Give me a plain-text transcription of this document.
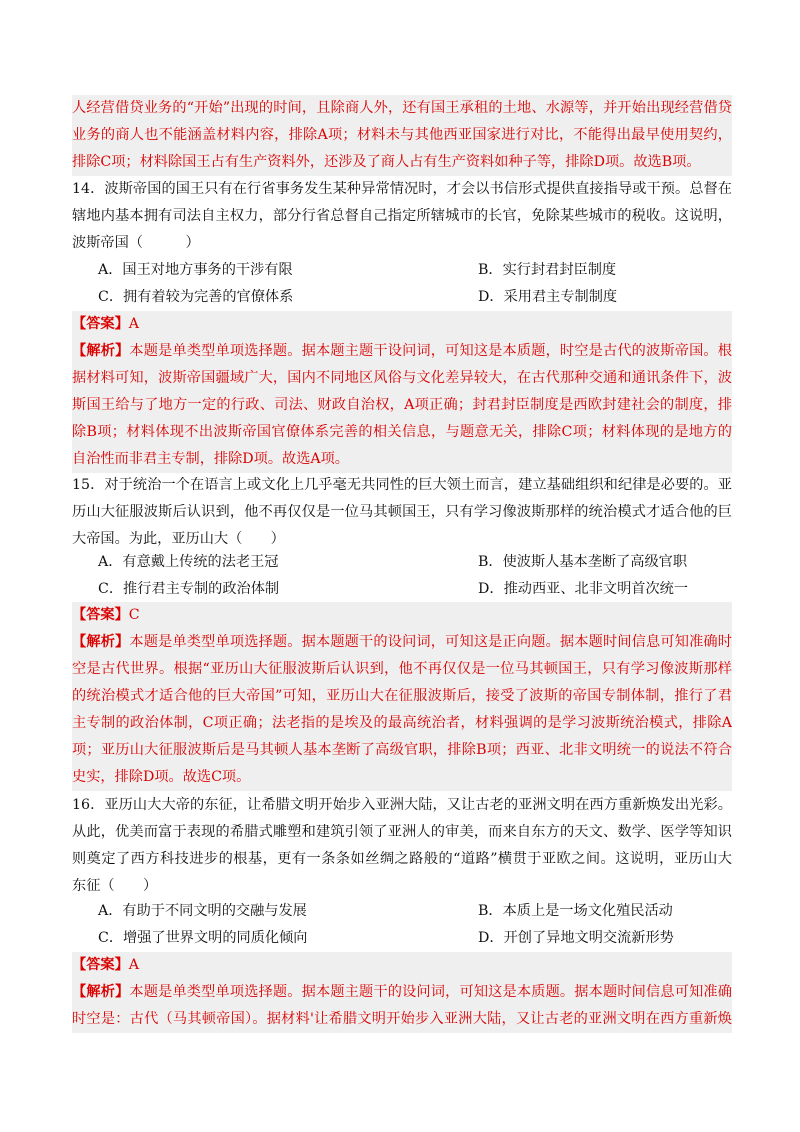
人经营借贷业务的“开始”出现的时间，且除商人外，还有国王承租的土地、水源等，并开始出现经营借贷
业务的商人也不能涵盖材料内容，排除A项；材料未与其他西亚国家进行对比，不能得出最早使用契约，
排除C项；材料除国王占有生产资料外，还涉及了商人占有生产资料如种子等，排除D项。故选B项。
14．波斯帝国的国王只有在行省事务发生某种异常情况时，才会以书信形式提供直接指导或干预。总督在
辖地内基本拥有司法自主权力，部分行省总督自己指定所辖城市的长官，免除某些城市的税收。这说明，
波斯帝国（　　　）
A．国王对地方事务的干涉有限	B．实行封君封臣制度
C．拥有着较为完善的官僚体系	D．采用君主专制制度
【答案】A
【解析】本题是单类型单项选择题。据本题主题干设问词，可知这是本质题，时空是古代的波斯帝国。根
据材料可知，波斯帝国疆域广大，国内不同地区风俗与文化差异较大，在古代那种交通和通讯条件下，波
斯国王给与了地方一定的行政、司法、财政自治权，A项正确；封君封臣制度是西欧封建社会的制度，排
除B项；材料体现不出波斯帝国官僚体系完善的相关信息，与题意无关，排除C项；材料体现的是地方的
自治性而非君主专制，排除D项。故选A项。
15．对于统治一个在语言上或文化上几乎毫无共同性的巨大领土而言，建立基础组织和纪律是必要的。亚
历山大征服波斯后认识到，他不再仅仅是一位马其顿国王，只有学习像波斯那样的统治模式才适合他的巨
大帝国。为此，亚历山大（　　）
A．有意戴上传统的法老王冠	B．使波斯人基本垄断了高级官职
C．推行君主专制的政治体制	D．推动西亚、北非文明首次统一
【答案】C
【解析】本题是单类型单项选择题。据本题题干的设问词，可知这是正向题。据本题时间信息可知准确时
空是古代世界。根据“亚历山大征服波斯后认识到，他不再仅仅是一位马其顿国王，只有学习像波斯那样
的统治模式才适合他的巨大帝国”可知，亚历山大在征服波斯后，接受了波斯的帝国专制体制，推行了君
主专制的政治体制，C项正确；法老指的是埃及的最高统治者，材料强调的是学习波斯统治模式，排除A
项；亚历山大征服波斯后是马其顿人基本垄断了高级官职，排除B项；西亚、北非文明统一的说法不符合
史实，排除D项。故选C项。
16．亚历山大大帝的东征，让希腊文明开始步入亚洲大陆，又让古老的亚洲文明在西方重新焕发出光彩。
从此，优美而富于表现的希腊式雕塑和建筑引领了亚洲人的审美，而来自东方的天文、数学、医学等知识
则奠定了西方科技进步的根基，更有一条条如丝绸之路般的“道路”横贯于亚欧之间。这说明，亚历山大
东征（　　）
A．有助于不同文明的交融与发展	B．本质上是一场文化殖民活动
C．增强了世界文明的同质化倾向	D．开创了异地文明交流新形势
【答案】A
【解析】本题是单类型单项选择题。据本题主题干的设问词，可知这是本质题。据本题时间信息可知准确
时空是：古代（马其顿帝国）。据材料'让希腊文明开始步入亚洲大陆，又让古老的亚洲文明在西方重新焕
